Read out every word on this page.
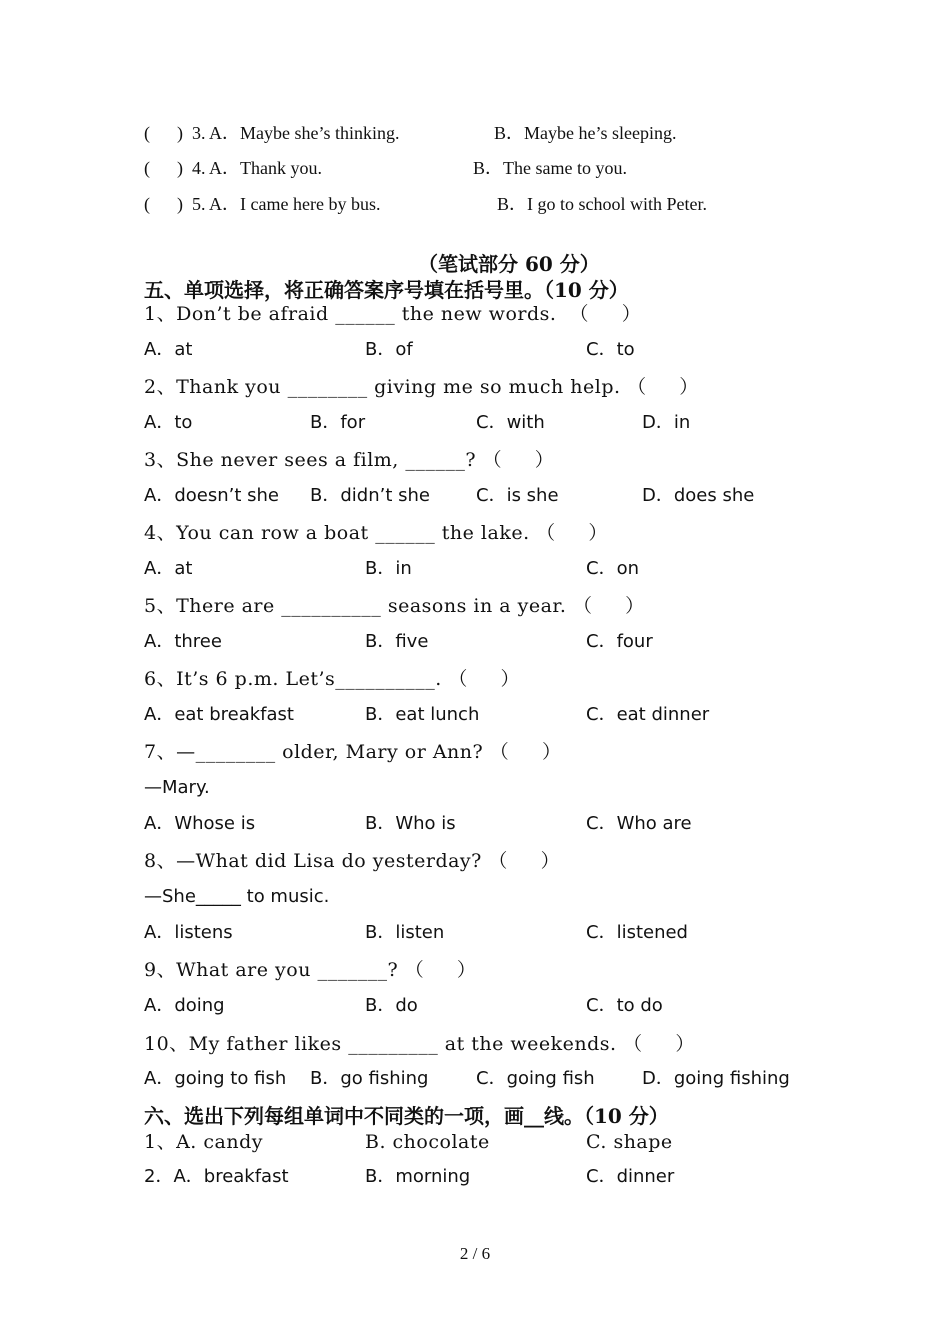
(      )

3. A．Maybe she’s thinking.

	B．Maybe he’s sleeping.

(      )

4. A．Thank you.

	B．The same to you.

(      )

5. A．I came here by bus.

	B．I go to school with Peter.

（笔试部分 60 分）
五、单项选择，将正确答案序号填在括号里。（10 分）
1、Don’t be afraid ______ the new words.  （     ）

A．at

	B．of

	C．to

2、Thank you ________ giving me so much help. （     ）

A．to

	B．for

	C．with

	D．in

3、She never sees a film, ______? （     ）

A．doesn’t she

B．didn’t she

	C．is she

	D．does she

4、You can row a boat ______ the lake. （     ）

A．at

	B．in

	C．on

5、There are __________ seasons in a year. （     ）

A．three

	B．five

	C．four

6、It’s 6 p.m. Let’s__________. （     ）

A．eat breakfast

	B．eat lunch

	C．eat dinner

7、—________ older, Mary or Ann? （     ）
—Mary.

A．Whose is

	B．Who is

	C．Who are

8、—What did Lisa do yesterday? （     ）
—She_____ to music.

A．listens

	B．listen

	C．listened

9、What are you _______? （     ）

A．doing

	B．do

	C．to do

10、My father likes _________ at the weekends. （     ）

A．going to fish

B．go fishing

	C．going fish

	D．going fishing

六、选出下列每组单词中不同类的一项，画__线。（10 分）

1、A. candy

	B. chocolate

	C. shape

2．A．breakfast

	B．morning

	C．dinner

2 / 6
